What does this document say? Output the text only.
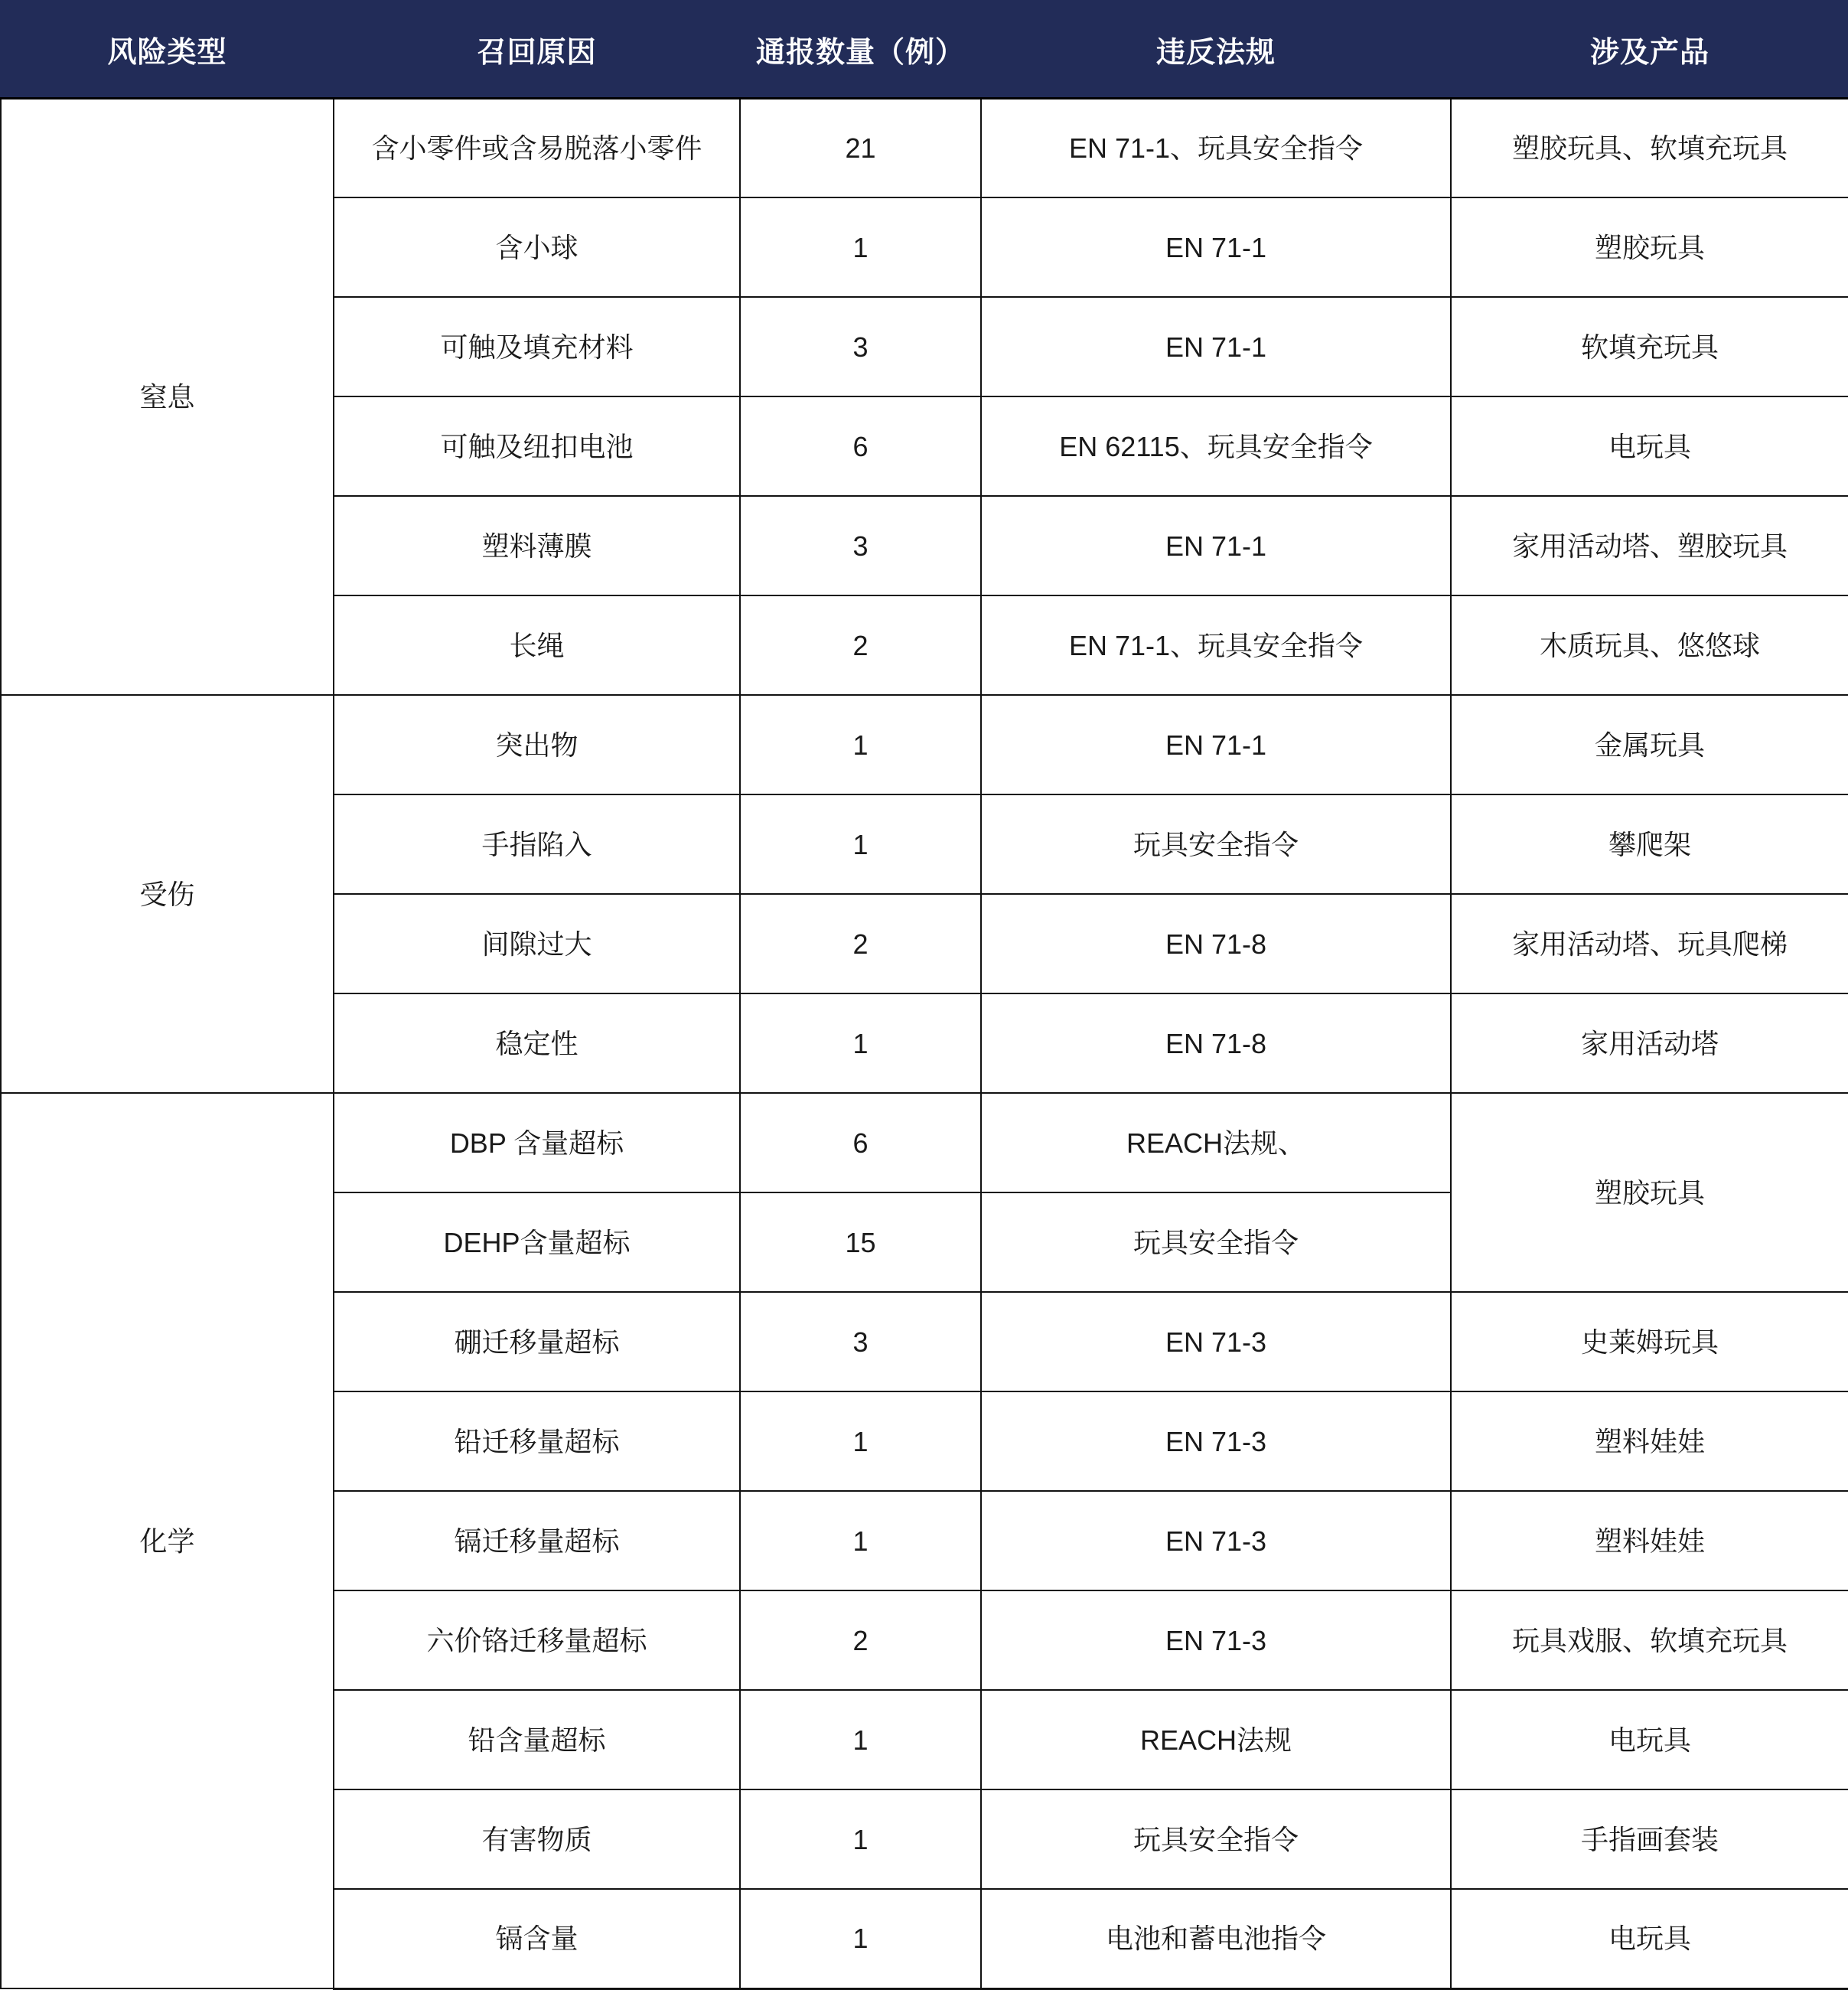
风险类型	召回原因	通报数量（例）	违反法规	涉及产品
窒息	含小零件或含易脱落小零件	21	EN 71-1、玩具安全指令	塑胶玩具、软填充玩具
	含小球	1	EN 71-1	塑胶玩具
	可触及填充材料	3	EN 71-1	软填充玩具
	可触及纽扣电池	6	EN 62115、玩具安全指令	电玩具
	塑料薄膜	3	EN 71-1	家用活动塔、塑胶玩具
	长绳	2	EN 71-1、玩具安全指令	木质玩具、悠悠球
受伤	突出物	1	EN 71-1	金属玩具
	手指陷入	1	玩具安全指令	攀爬架
	间隙过大	2	EN 71-8	家用活动塔、玩具爬梯
	稳定性	1	EN 71-8	家用活动塔
化学	DBP 含量超标	6	REACH法规、	塑胶玩具
	DEHP含量超标	15	玩具安全指令	
	硼迁移量超标	3	EN 71-3	史莱姆玩具
	铅迁移量超标	1	EN 71-3	塑料娃娃
	镉迁移量超标	1	EN 71-3	塑料娃娃
	六价铬迁移量超标	2	EN 71-3	玩具戏服、软填充玩具
	铅含量超标	1	REACH法规	电玩具
	有害物质	1	玩具安全指令	手指画套装
	镉含量	1	电池和蓄电池指令	电玩具
